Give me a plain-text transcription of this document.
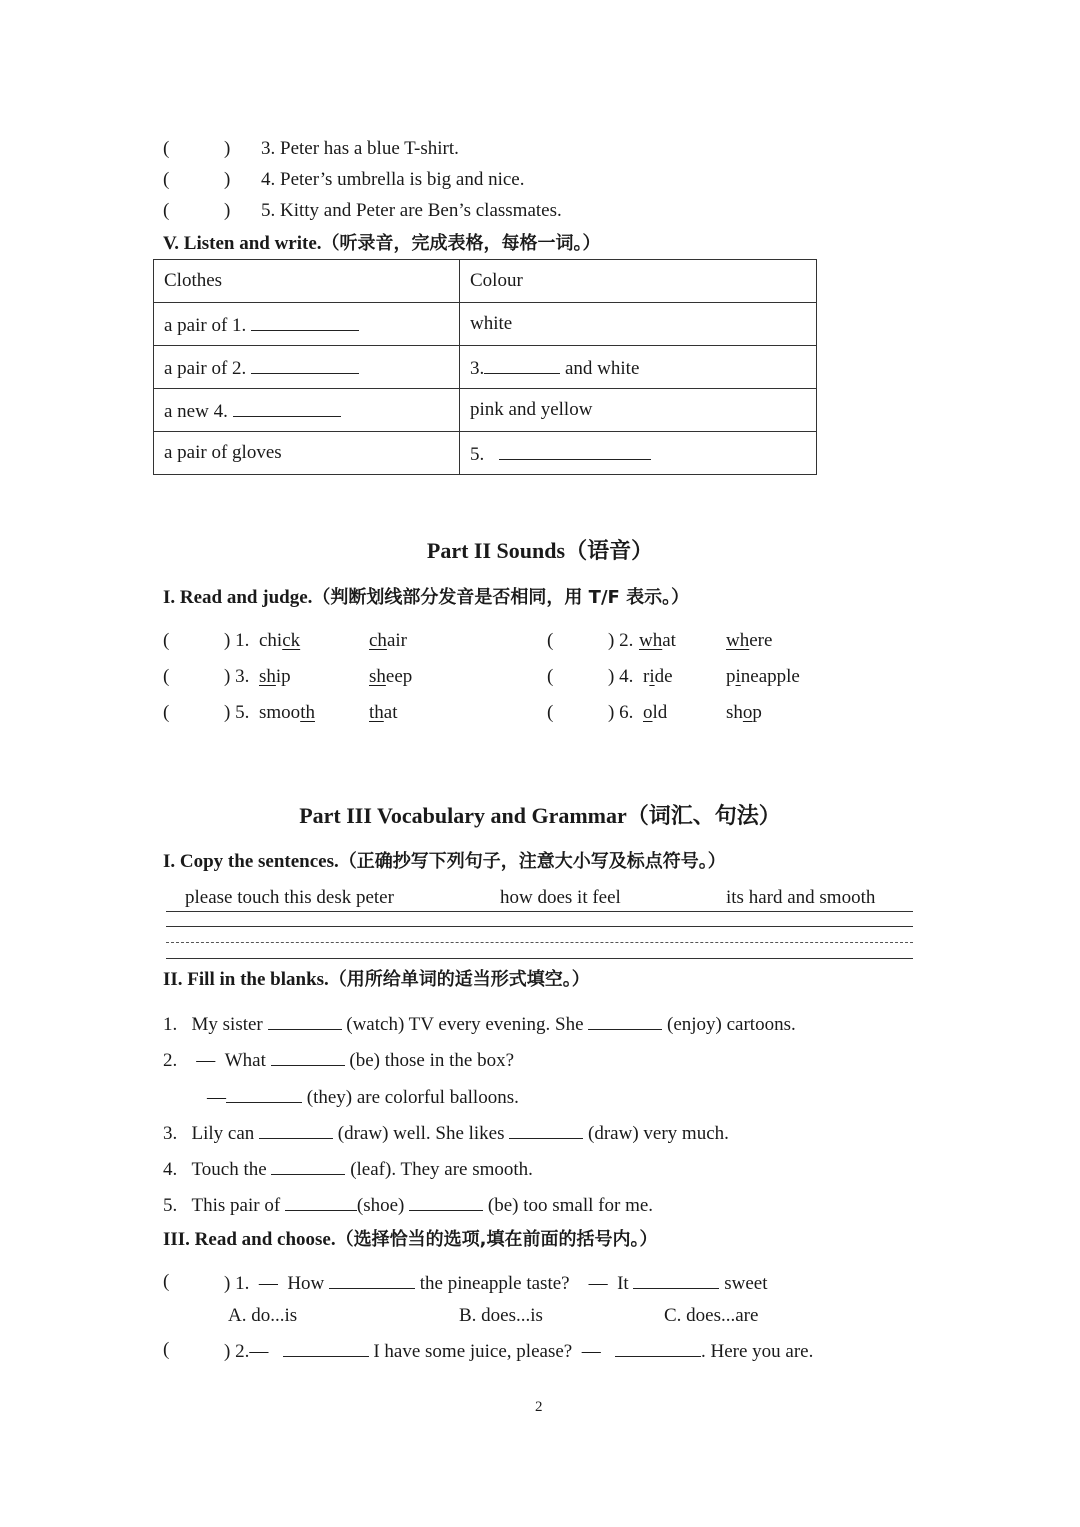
(	) 3. Peter has a blue T-shirt.
(	) 4. Peter’s umbrella is big and nice.
(	) 5. Kitty and Peter are Ben’s classmates.
V. Listen and write.（听录音，完成表格，每格一词。）
Clothes	Colour
a pair of 1.	white
a pair of 2.	3. and white
a new 4.	pink and yellow
a pair of gloves	5.
Part II Sounds（语音）
I. Read and judge.（判断划线部分发音是否相同，用 T/F 表示。）
(	) 1. chick	chair	(	) 2. what	where
(	) 3. ship	sheep	(	) 4. ride	pineapple
(	) 5. smooth	that	(	) 6. old	shop
Part III Vocabulary and Grammar（词汇、句法）
I. Copy the sentences.（正确抄写下列句子，注意大小写及标点符号。）
please touch this desk peter	how does it feel	its hard and smooth
II. Fill in the blanks.（用所给单词的适当形式填空。）
1. My sister	(watch) TV every evening. She	(enjoy) cartoons.
2. — What	(be) those in the box?
—	(they) are colorful balloons.
3. Lily can	(draw) well. She likes	(draw) very much.
4. Touch the	(leaf). They are smooth.
5. This pair of	(shoe)	(be) too small for me.
III. Read and choose.（选择恰当的选项,填在前面的括号内。）
(	) 1. — How	the pineapple taste? — It	sweet
A. do...is	B. does...is	C. does...are
(	) 2.—	I have some juice, please? —	. Here you are.
2
